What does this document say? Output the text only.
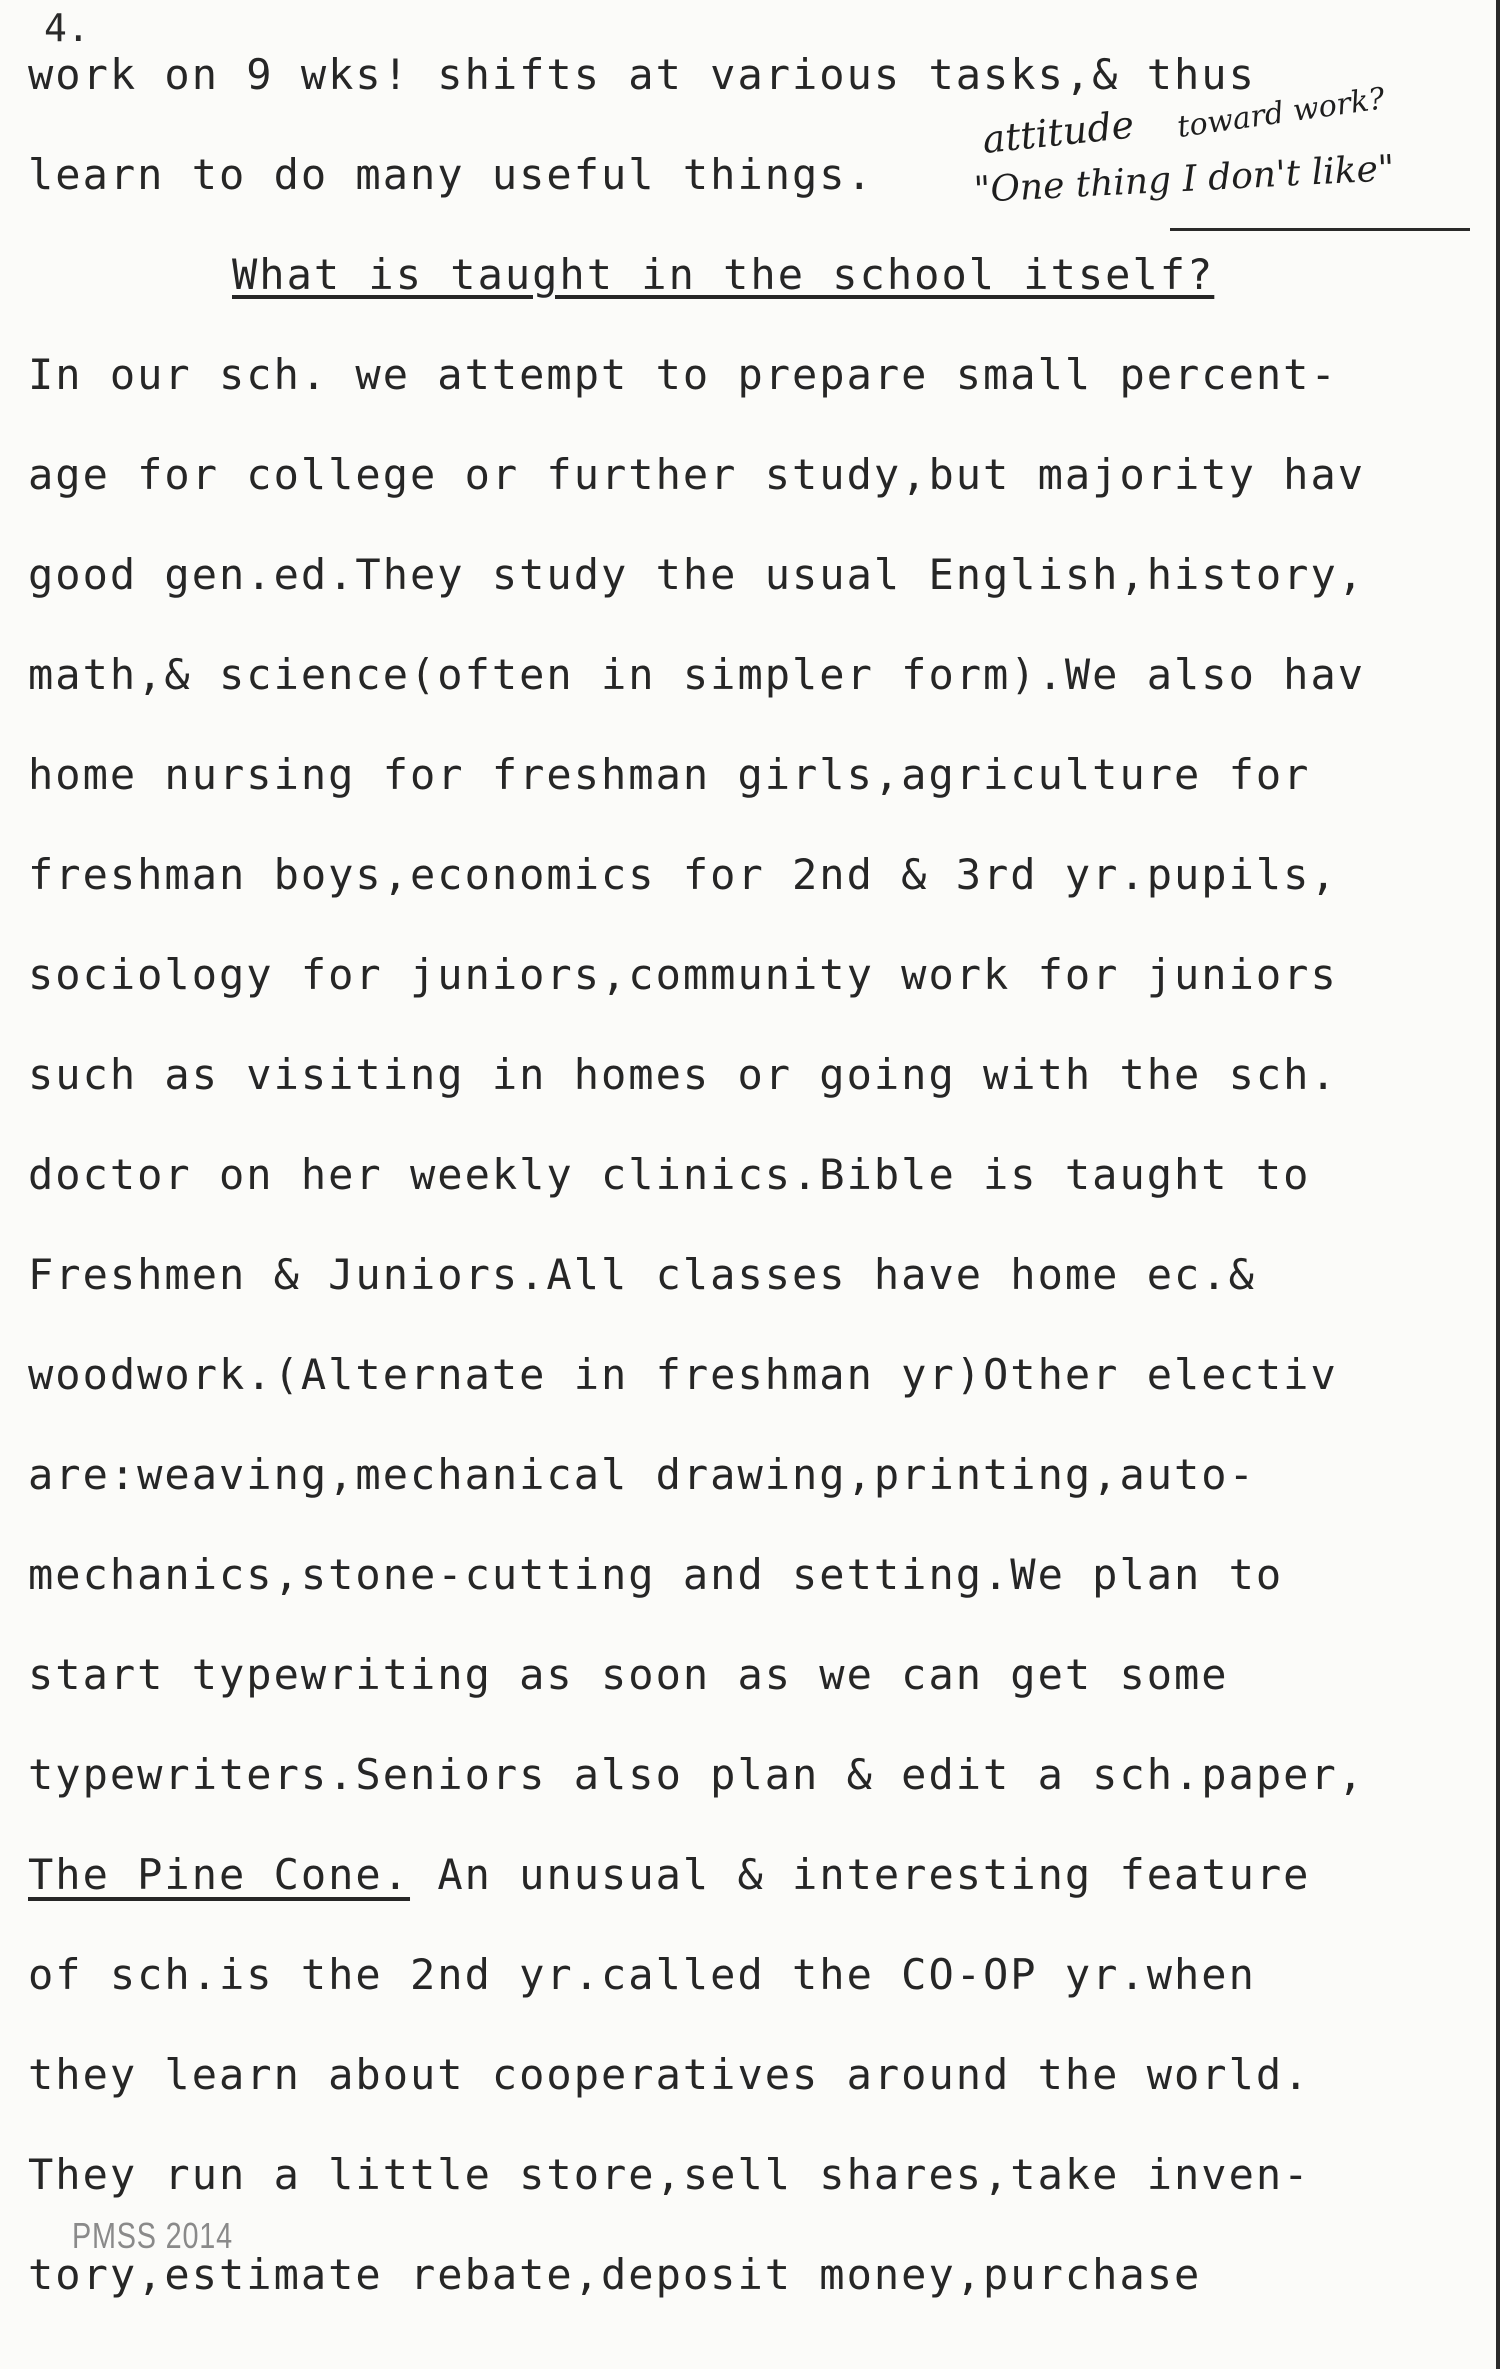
4.
work on 9 wks! shifts at various tasks,& thus
learn to do many useful things.
attitude toward work?
"One thing I don't like"
What is taught in the school itself?
In our sch. we attempt to prepare small percent-
age for college or further study,but majority hav
good gen.ed.They study the usual English,history,
math,& science(often in simpler form).We also hav
home nursing for freshman girls,agriculture for
freshman boys,economics for 2nd & 3rd yr.pupils,
sociology for juniors,community work for juniors
such as visiting in homes or going with the sch.
doctor on her weekly clinics.Bible is taught to
Freshmen & Juniors.All classes have home ec.&
woodwork.(Alternate in freshman yr)Other electiv
are:weaving,mechanical drawing,printing,auto-
mechanics,stone-cutting and setting.We plan to
start typewriting as soon as we can get some
typewriters.Seniors also plan & edit a sch.paper,
The Pine Cone. An unusual & interesting feature
of sch.is the 2nd yr.called the CO-OP yr.when
they learn about cooperatives around the world.
They run a little store,sell shares,take inven-
tory,estimate rebate,deposit money,purchase
PMSS 2014
